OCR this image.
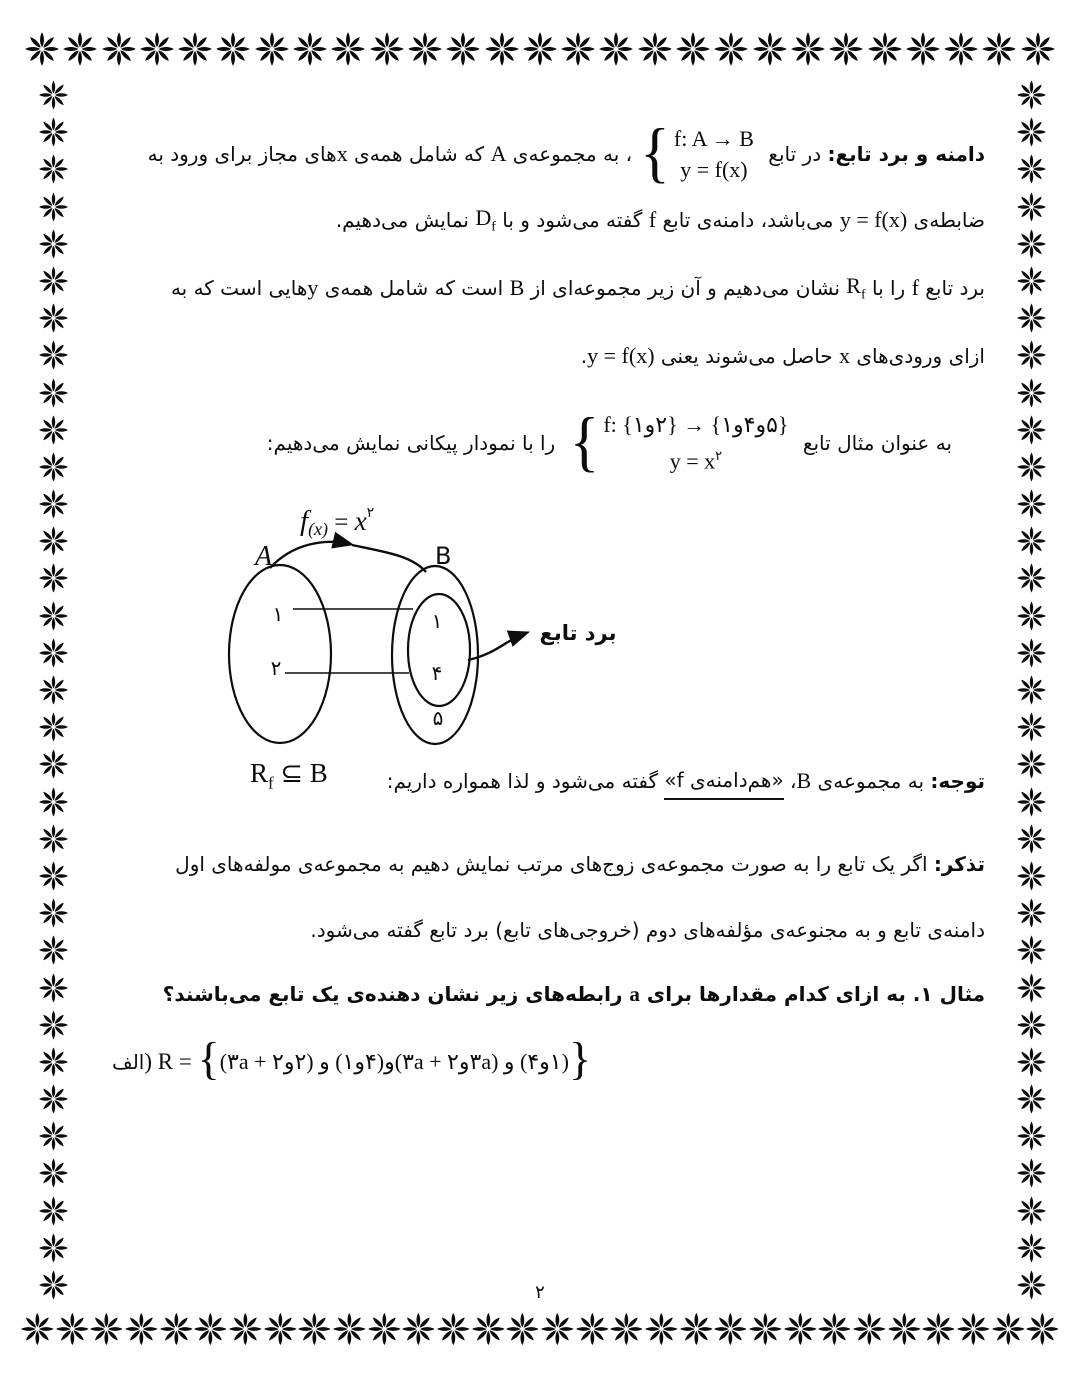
دامنه و برد تابع:
در تابع
{ f: A → B
y = f(x)
، به مجموعه‌ی
A
که شامل همه‌ی
x
های مجاز برای ورود به
ضابطه‌ی
y = f(x)
می‌باشد، دامنه‌ی تابع
f
گفته می‌شود و با
$D_f$
نمایش می‌دهیم.
برد تابع
f
را با
$R_f$
نشان می‌دهیم و آن زیر مجموعه‌ای از
B
است که شامل همه‌ی
y
هایی است که به
ازای ورودی‌های
x
حاصل می‌شوند یعنی
y = f(x)
.
به عنوان مثال تابع
{ f: {۱و۲} → {۱و۴و۵}
$y = x^۲$
را با نمودار پیکانی نمایش می‌دهیم:
f(x) = x۲
A	B
۱
۲
۱
۴
۵
برد تابع
توجه:
به مجموعه‌ی
B
،
«هم‌دامنه‌ی f»
گفته می‌شود و لذا همواره داریم:
$R_f$ ⊆ B
تذکر:
اگر یک تابع را به صورت مجموعه‌ی زوج‌های مرتب نمایش دهیم به مجموعه‌ی مولفه‌های اول
دامنه‌ی تابع و به مجنوعه‌ی مؤلفه‌های دوم (خروجی‌های تابع) برد تابع گفته می‌شود.
مثال ۱. به ازای کدام مقدارها برای
a
رابطه‌های زیر نشان دهنده‌ی یک تابع می‌باشند؟
الف ) R = { (۳a + ۲و۲) و (۱و۴)و(۳a + ۲و۳a) و (۴و۱) }
۲
